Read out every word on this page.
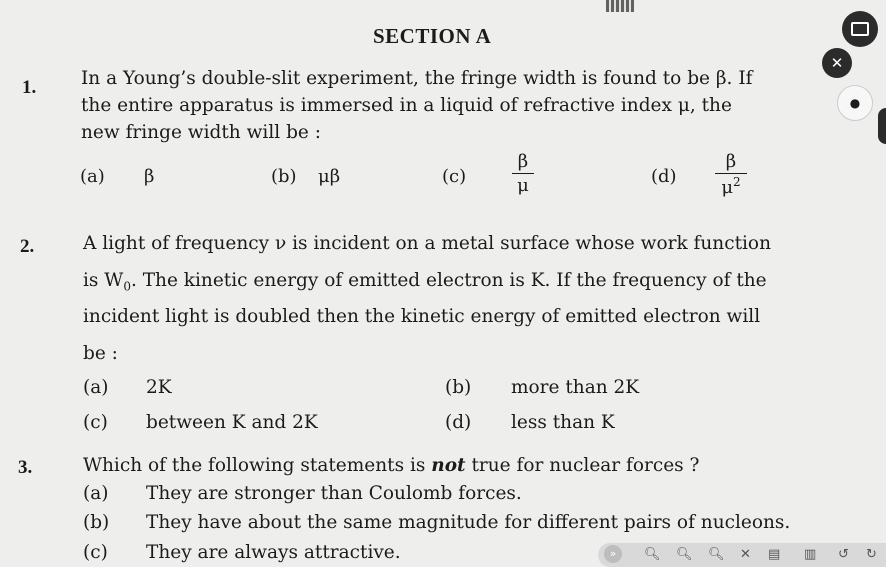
SECTION A
✕
●
1. In a Young’s double-slit experiment, the fringe width is found to be β. If
the entire apparatus is immersed in a liquid of refractive index μ, the
new fringe width will be :
(a) β	(b) μβ	(c)
β
μ	(d)
β
$\mu^2$
2.	A light of frequency ν is incident on a metal surface whose work function
is $W_0$. The kinetic energy of emitted electron is K. If the frequency of the
incident light is doubled then the kinetic energy of emitted electron will
be :
(a) 2K	(b) more than 2K
(c) between K and 2K	(d) less than K
3.	Which of the following statements is not true for nuclear forces ?
(a) They are stronger than Coulomb forces.
(b) They have about the same magnitude for different pairs of nucleons.
(c) They are always attractive.	»	🔍︎ 🔍︎ 🔍︎ ✕ ▤ ▥ ↺ ↻
